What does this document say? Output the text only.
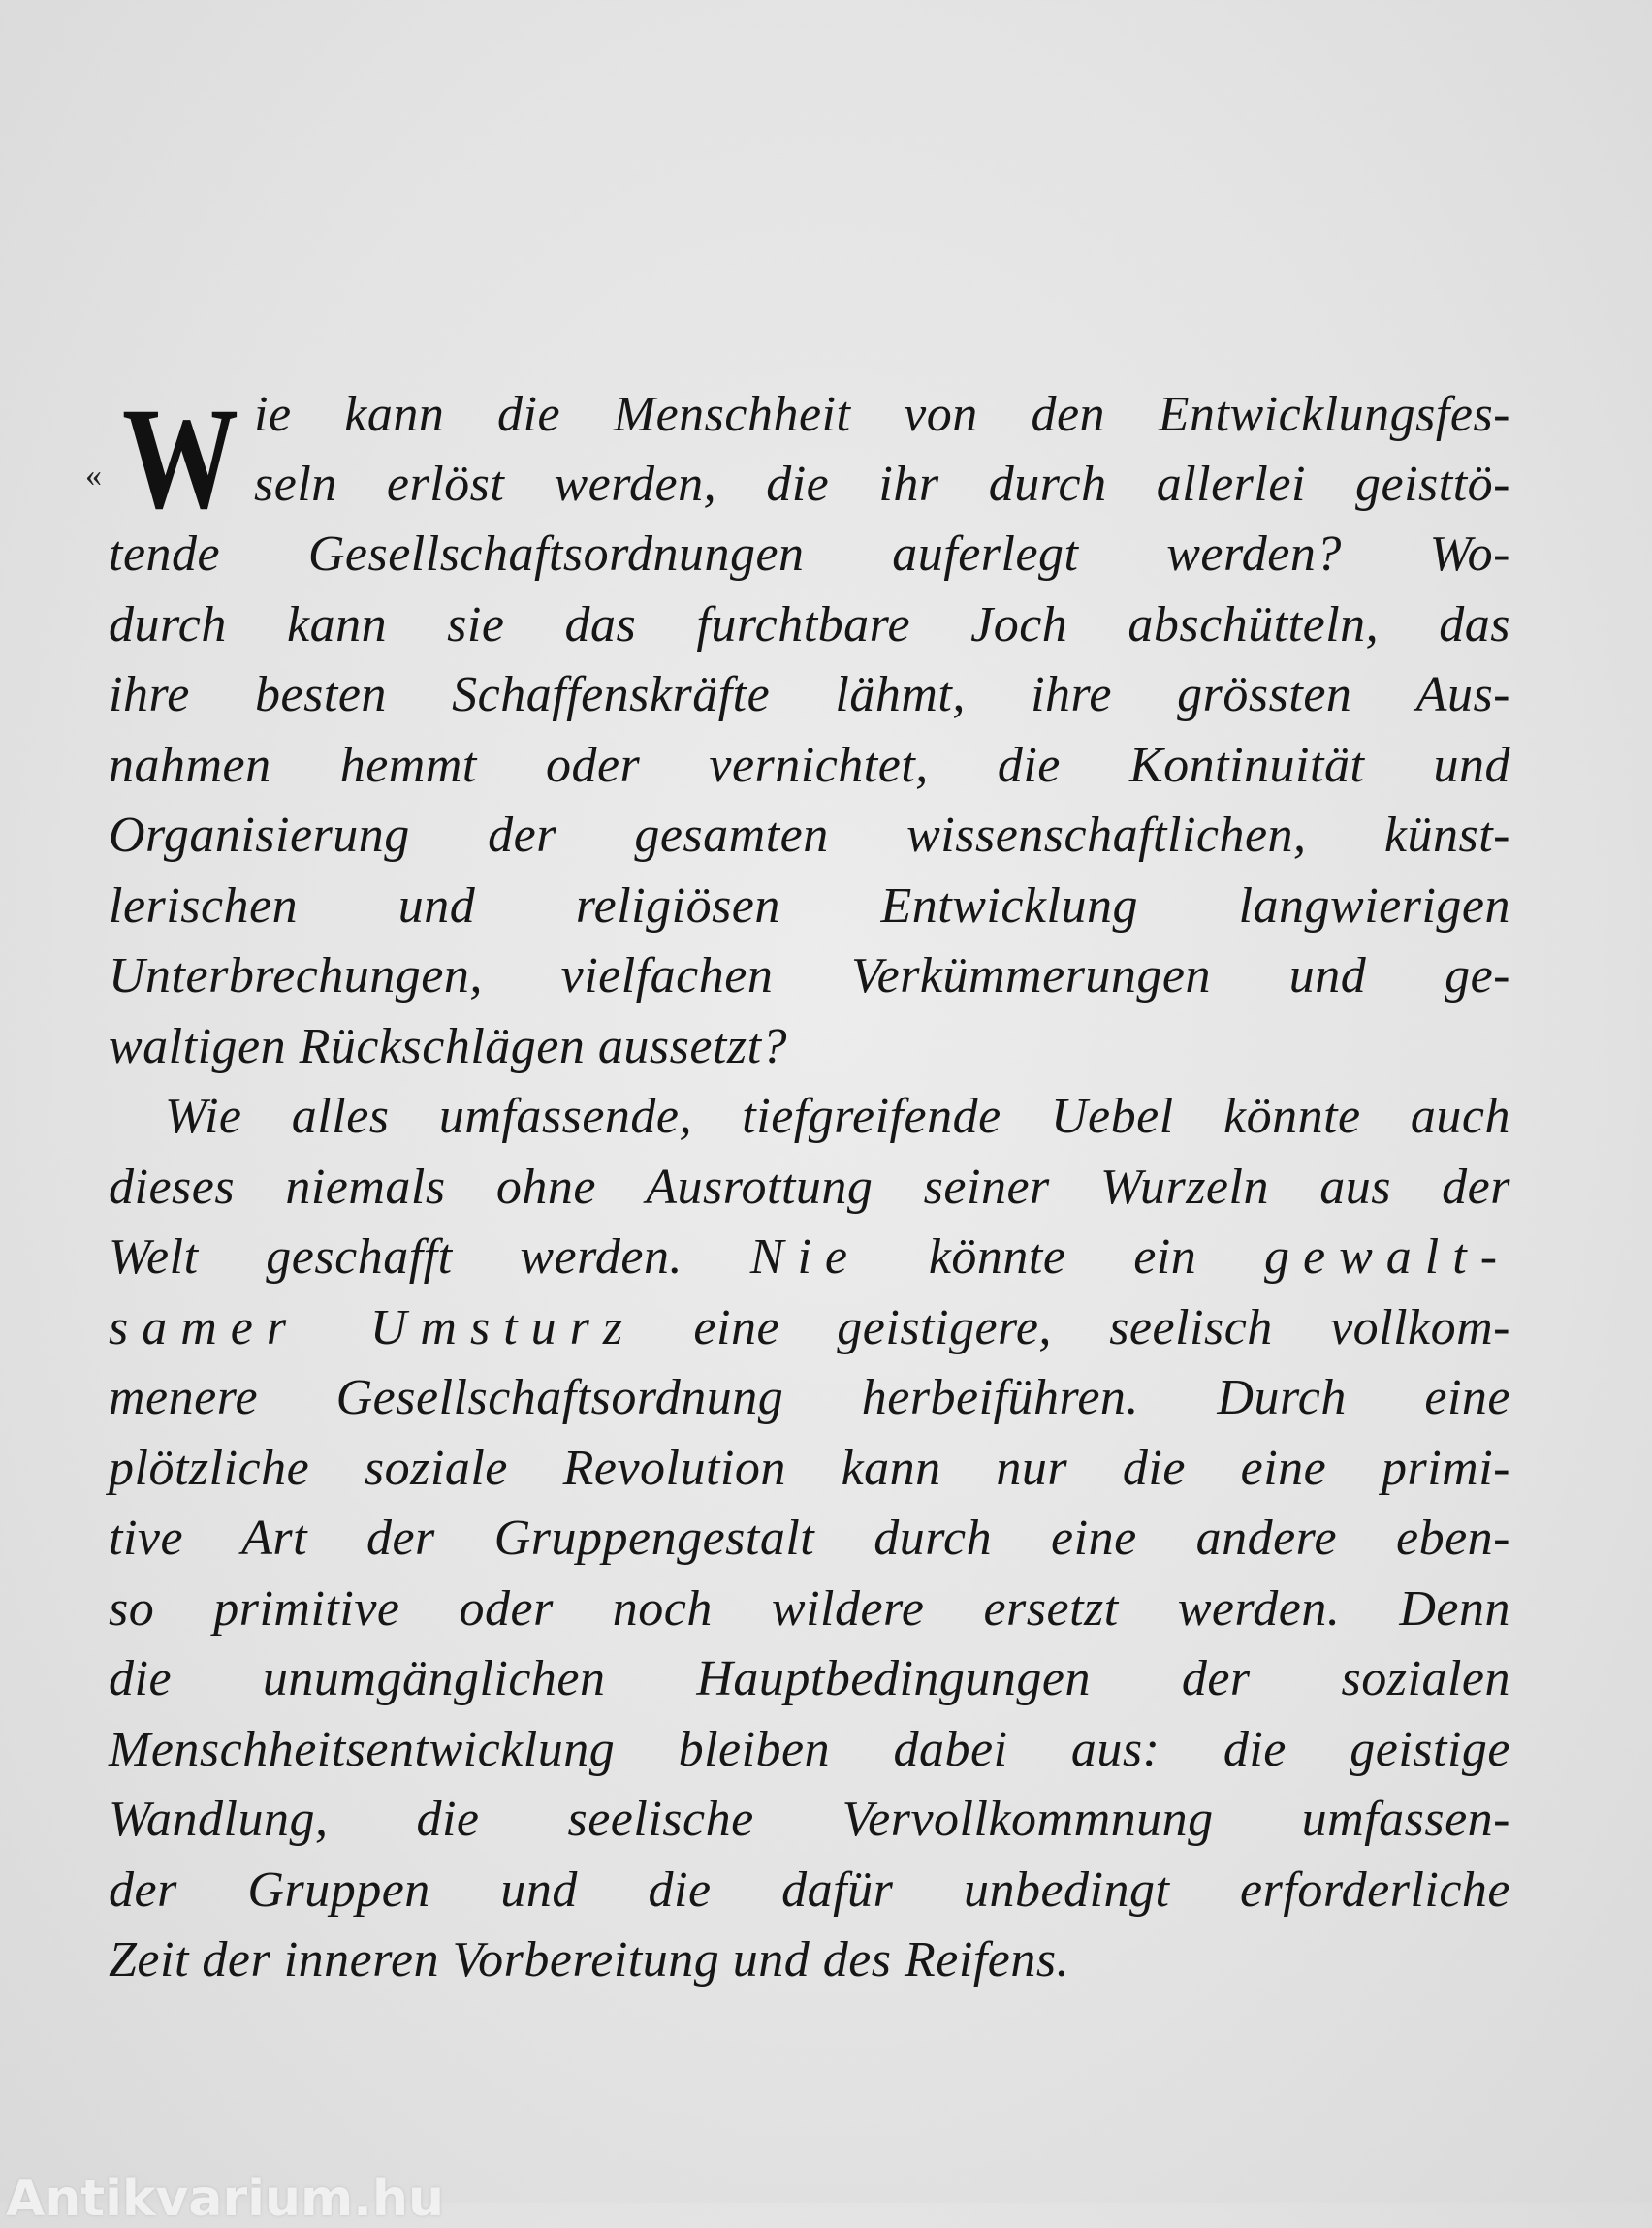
« W ie kann die Menschheit von den Entwicklungsfes-
seln erlöst werden, die ihr durch allerlei geisttö-
tende Gesellschaftsordnungen auferlegt werden? Wo-
durch kann sie das furchtbare Joch abschütteln, das
ihre besten Schaffenskräfte lähmt, ihre grössten Aus-
nahmen hemmt oder vernichtet, die Kontinuität und
Organisierung der gesamten wissenschaftlichen, künst-
lerischen und religiösen Entwicklung langwierigen
Unterbrechungen, vielfachen Verkümmerungen und ge-
waltigen Rückschlägen aussetzt?
Wie alles umfassende, tiefgreifende Uebel könnte auch
dieses niemals ohne Ausrottung seiner Wurzeln aus der
Welt geschafft werden. Nie könnte ein gewalt-
samer Umsturz eine geistigere, seelisch vollkom-
menere Gesellschaftsordnung herbeiführen. Durch eine
plötzliche soziale Revolution kann nur die eine primi-
tive Art der Gruppengestalt durch eine andere eben-
so primitive oder noch wildere ersetzt werden. Denn
die unumgänglichen Hauptbedingungen der sozialen
Menschheitsentwicklung bleiben dabei aus: die geistige
Wandlung, die seelische Vervollkommnung umfassen-
der Gruppen und die dafür unbedingt erforderliche
Zeit der inneren Vorbereitung und des Reifens.
Antikvarium.hu
